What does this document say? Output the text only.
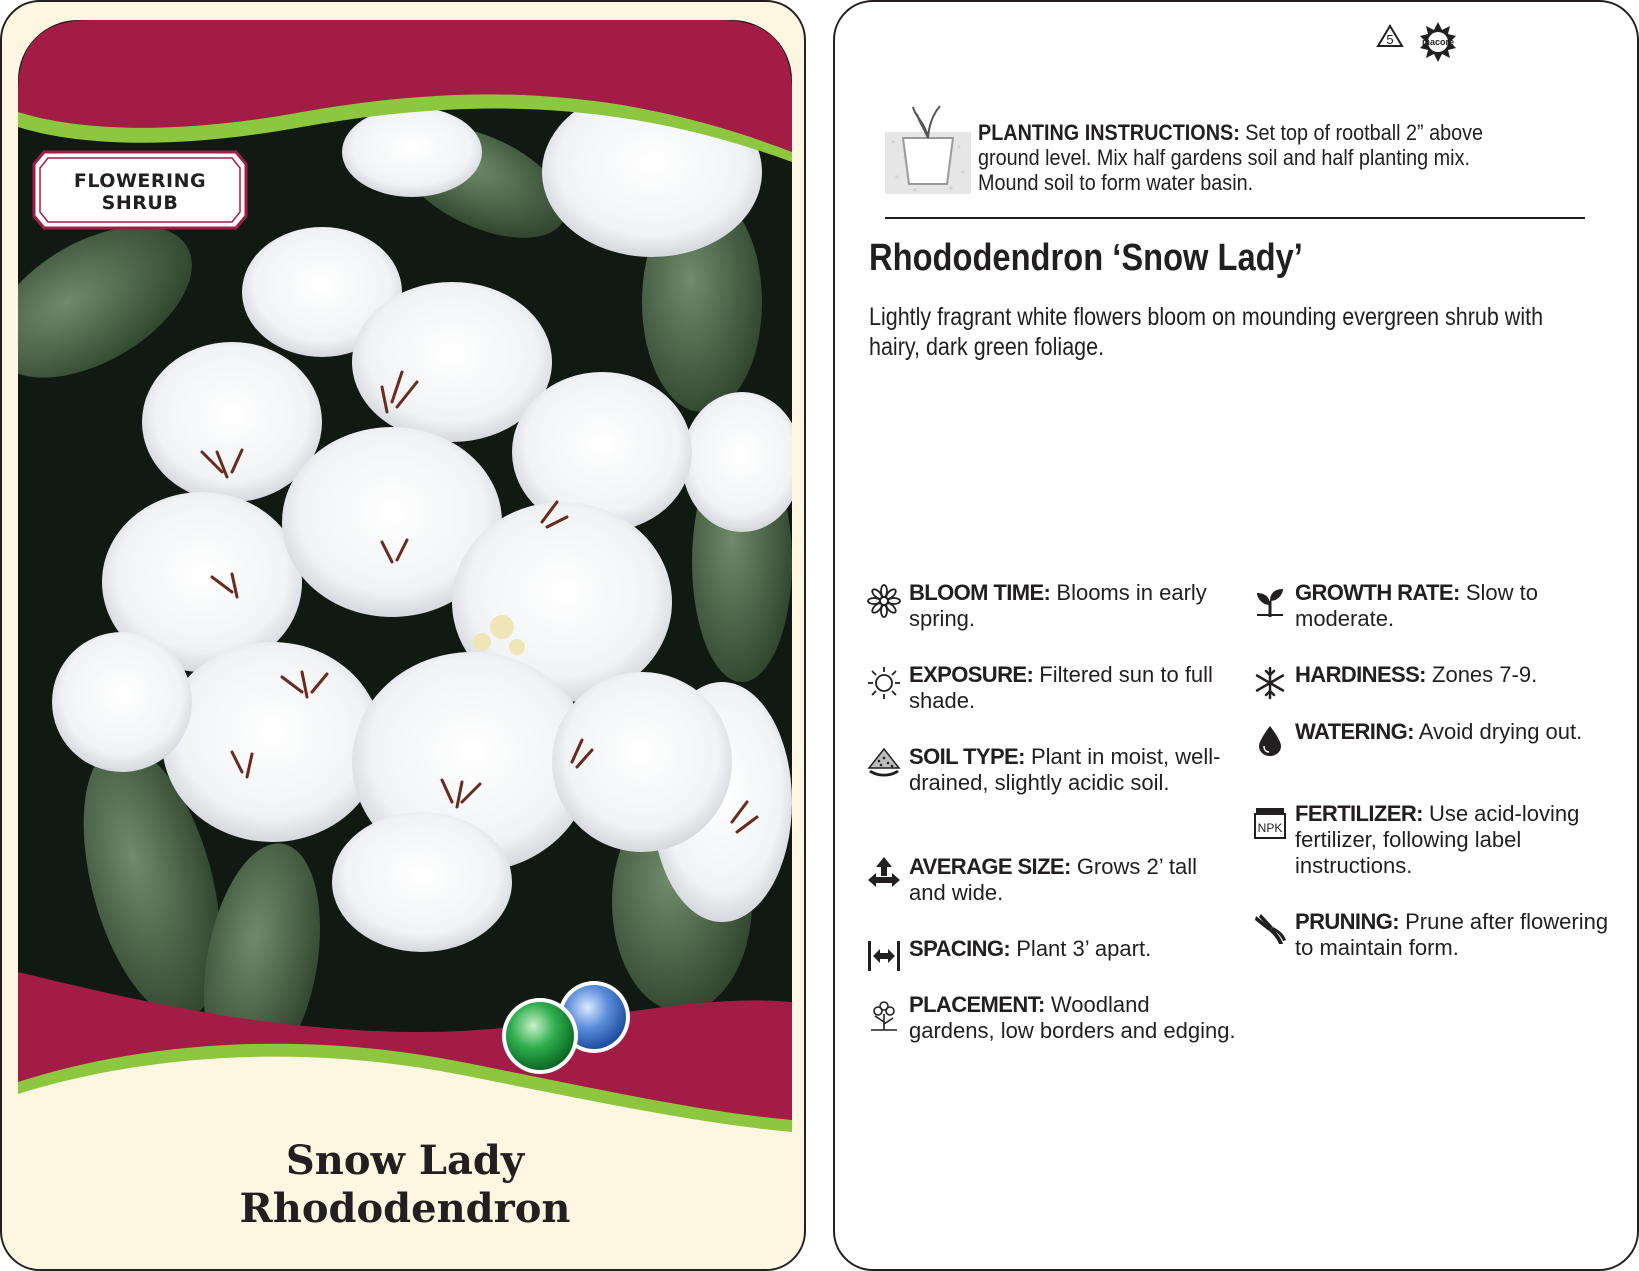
FLOWERING
SHRUB
Snow Lady
Rhododendron
5	macore
PLANTING INSTRUCTIONS: Set top of rootball 2” above ground level. Mix half gardens soil and half planting mix. Mound soil to form water basin.
Rhododendron ‘Snow Lady’
Lightly fragrant white flowers bloom on mounding evergreen shrub with hairy, dark green foliage.
BLOOM TIME: Blooms in early spring.
EXPOSURE: Filtered sun to full shade.
SOIL TYPE: Plant in moist, well-drained, slightly acidic soil.
AVERAGE SIZE: Grows 2’ tall and wide.
SPACING: Plant 3’ apart.
PLACEMENT: Woodland gardens, low borders and edging.
GROWTH RATE: Slow to moderate.
HARDINESS: Zones 7-9.
WATERING: Avoid drying out.
NPK
FERTILIZER: Use acid-loving fertilizer, following label instructions.
PRUNING: Prune after flowering to maintain form.
